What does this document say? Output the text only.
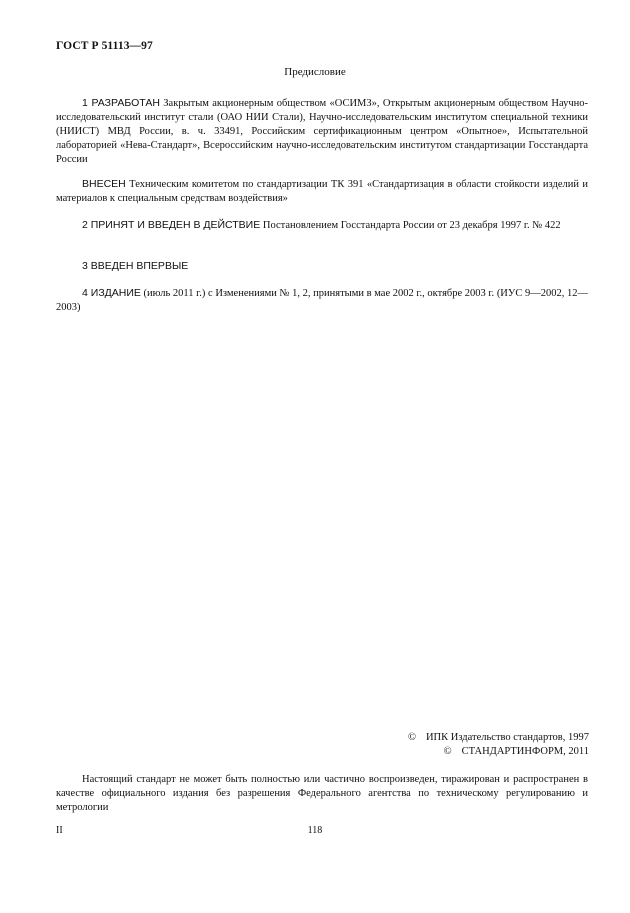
ГОСТ Р 51113—97
Предисловие
1 РАЗРАБОТАН Закрытым акционерным обществом «ОСИМЗ», Открытым акционерным обществом Научно-исследовательский институт стали (ОАО НИИ Стали), Научно-исследовательским институтом специальной техники (НИИСТ) МВД России, в. ч. 33491, Российским сертификационным центром «Опытное», Испытательной лабораторией «Нева-Стандарт», Всероссийским научно-исследовательским институтом стандартизации Госстандарта России
ВНЕСЕН Техническим комитетом по стандартизации ТК 391 «Стандартизация в области стойкости изделий и материалов к специальным средствам воздействия»
2 ПРИНЯТ И ВВЕДЕН В ДЕЙСТВИЕ Постановлением Госстандарта России от 23 декабря 1997 г. № 422
3 ВВЕДЕН ВПЕРВЫЕ
4 ИЗДАНИЕ (июль 2011 г.) с Изменениями № 1, 2, принятыми в мае 2002 г., октябре 2003 г. (ИУС 9—2002, 12—2003)
© ИПК Издательство стандартов, 1997
© СТАНДАРТИНФОРМ, 2011
Настоящий стандарт не может быть полностью или частично воспроизведен, тиражирован и распространен в качестве официального издания без разрешения Федерального агентства по техническому регулированию и метрологии
II	118
